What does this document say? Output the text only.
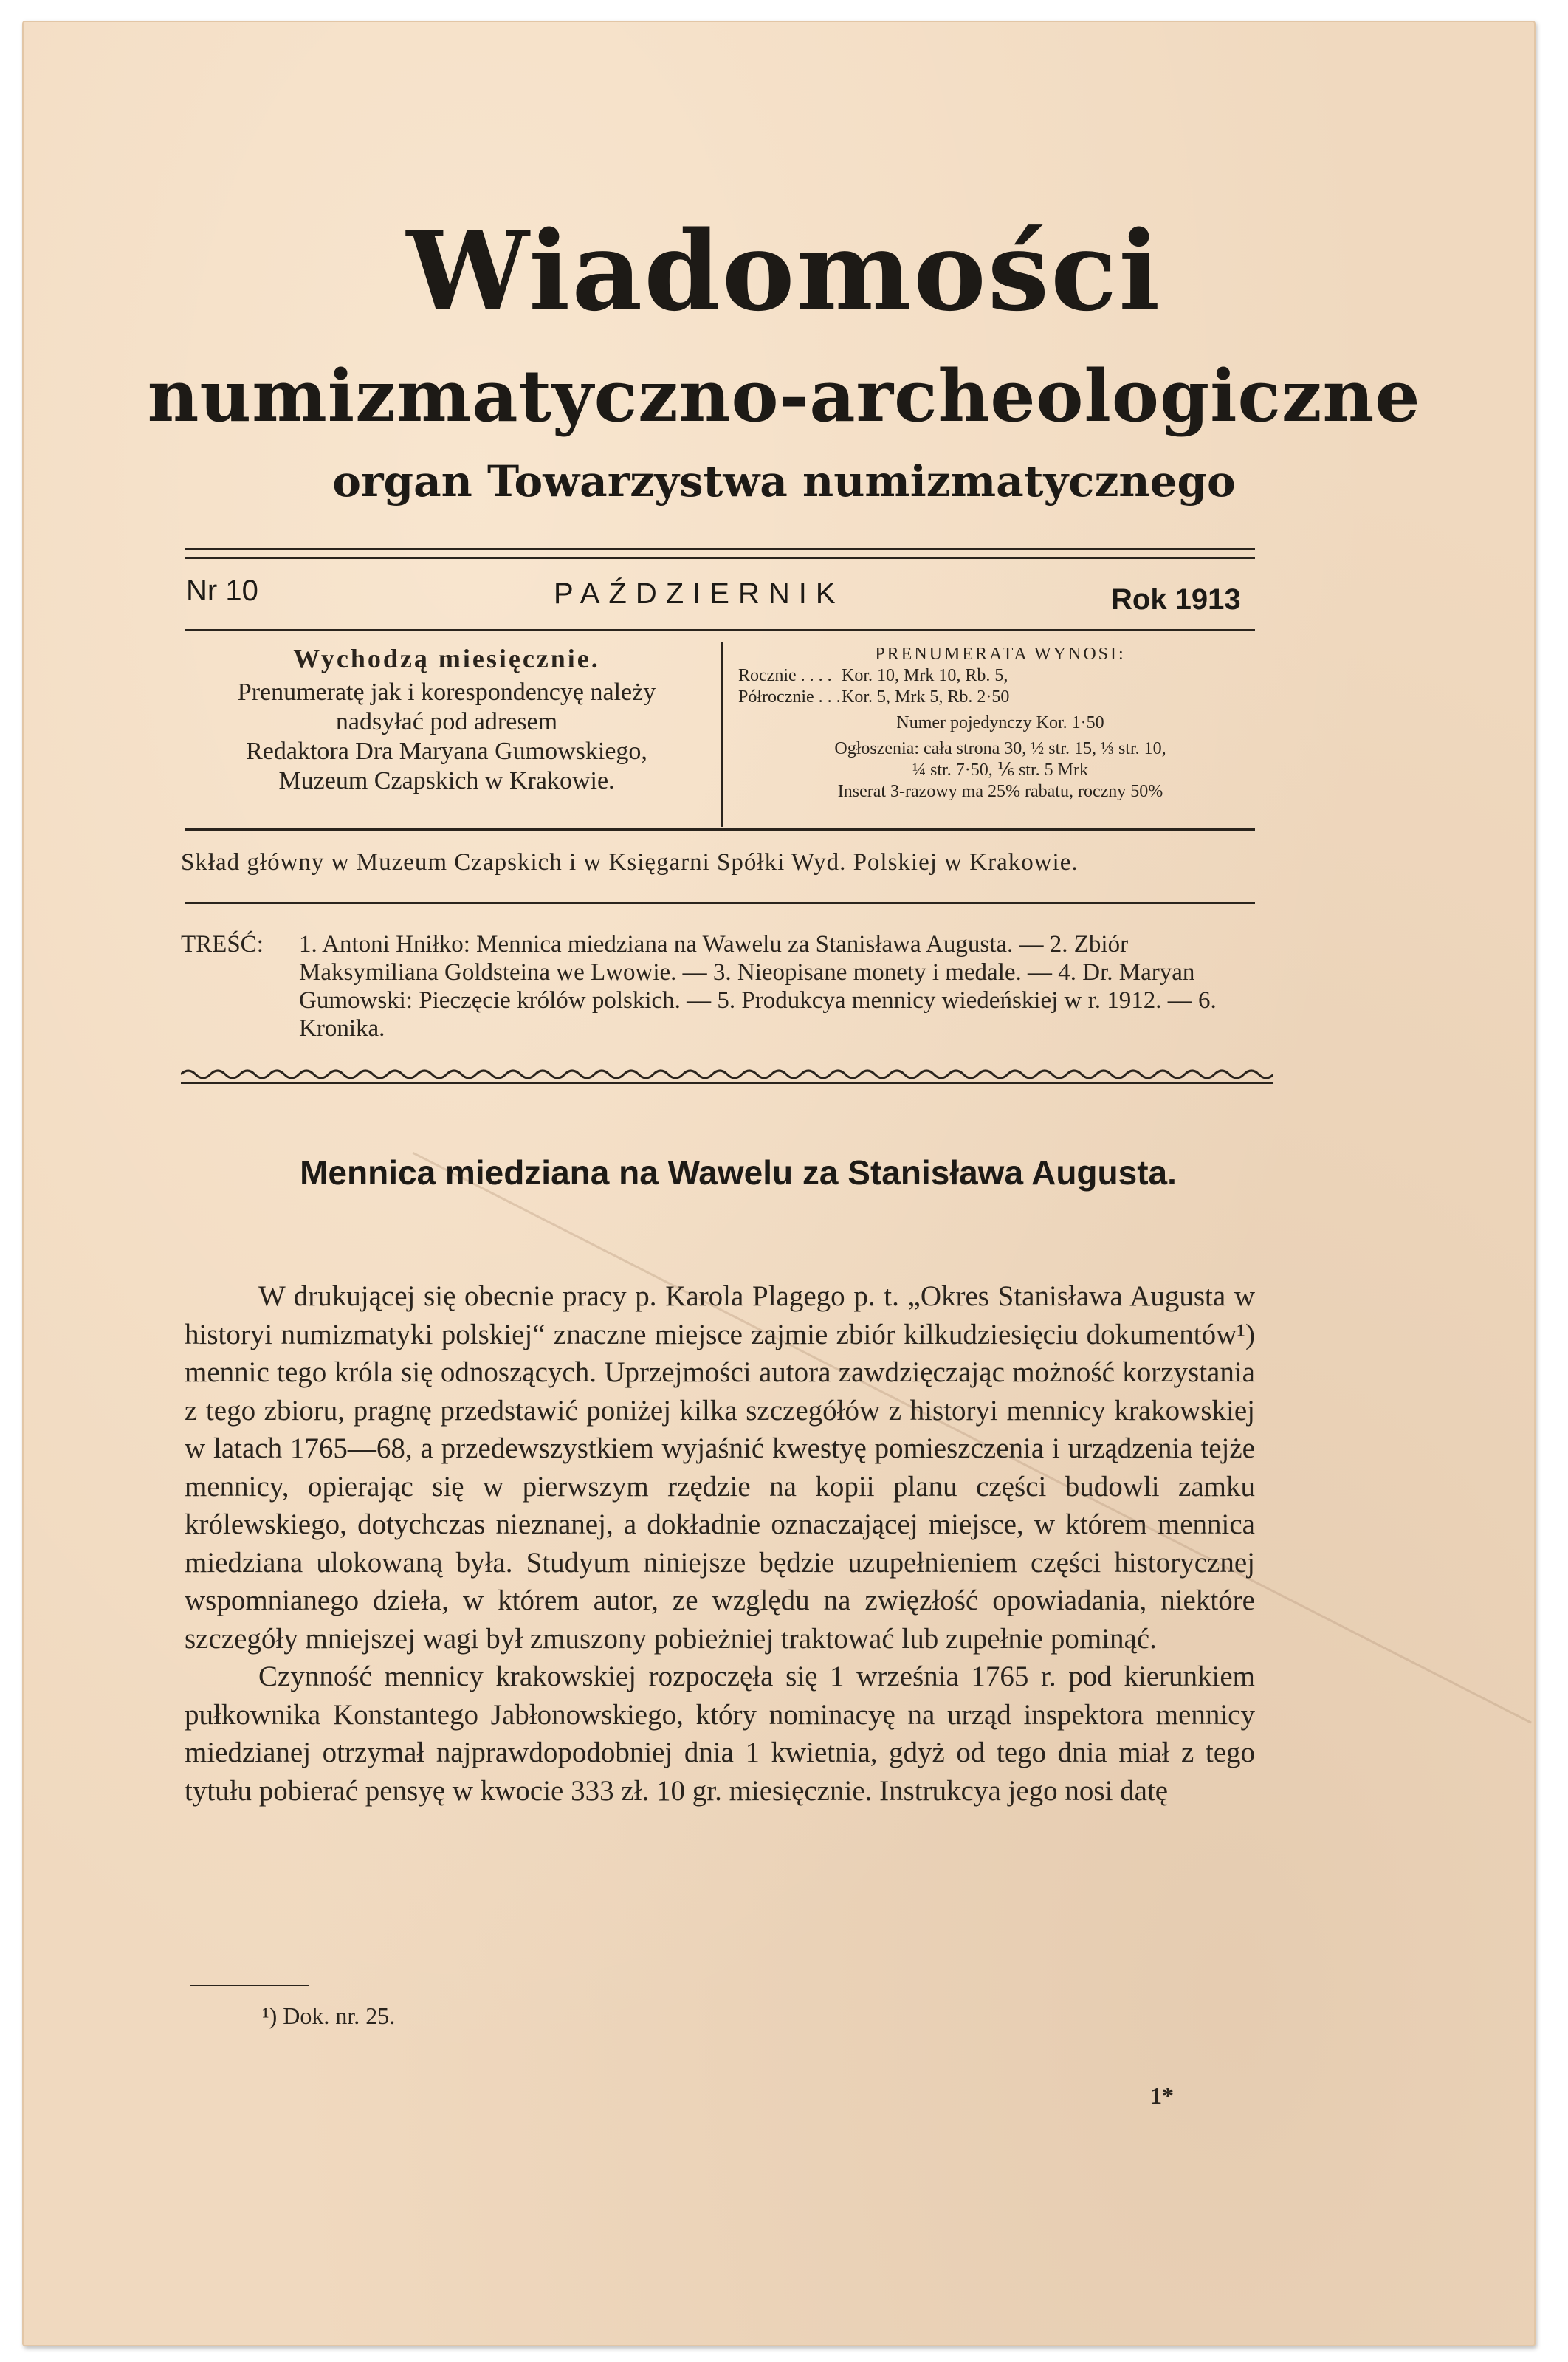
Wiadomości
numizmatyczno-archeologiczne
organ Towarzystwa numizmatycznego
Nr 10	PAŹDZIERNIK	Rok 1913
Wychodzą miesięcznie.
Prenumeratę jak i korespondencyę należy
nadsyłać pod adresem
Redaktora Dra Maryana Gumowskiego,
Muzeum Czapskich w Krakowie.
PRENUMERATA WYNOSI:
Rocznie . . . . Kor. 10, Mrk 10, Rb. 5,
Półrocznie . . . Kor. 5, Mrk 5, Rb. 2·50
Numer pojedynczy Kor. 1·50
Ogłoszenia: cała strona 30, ½ str. 15, ⅓ str. 10,
¼ str. 7·50, ⅙ str. 5 Mrk
Inserat 3-razowy ma 25% rabatu, roczny 50%
Skład główny w Muzeum Czapskich i w Księgarni Spółki Wyd. Polskiej w Krakowie.
TREŚĆ: 1. Antoni Hniłko: Mennica miedziana na Wawelu za Stanisława Augusta. — 2. Zbiór Maksymiliana Goldsteina we Lwowie. — 3. Nieopisane monety i medale. — 4. Dr. Maryan Gumowski: Pieczęcie królów polskich. — 5. Produkcya mennicy wiedeńskiej w r. 1912. — 6. Kronika.
Mennica miedziana na Wawelu za Stanisława Augusta.

W drukującej się obecnie pracy p. Karola Plagego p. t. „Okres Stanisława Augusta w historyi numizmatyki polskiej“ znaczne miejsce zajmie zbiór kilkudziesięciu dokumentów¹) mennic tego króla się odnoszących. Uprzejmości autora zawdzięczając możność korzystania z tego zbioru, pragnę przedstawić poniżej kilka szczegółów z historyi mennicy krakowskiej w latach 1765—68, a przedewszystkiem wyjaśnić kwestyę pomieszczenia i urządzenia tejże mennicy, opierając się w pierwszym rzędzie na kopii planu części budowli zamku królewskiego, dotychczas nieznanej, a dokładnie oznaczającej miejsce, w którem mennica miedziana ulokowaną była. Studyum niniejsze będzie uzupełnieniem części historycznej wspomnianego dzieła, w którem autor, ze względu na zwięzłość opowiadania, niektóre szczegóły mniejszej wagi był zmuszony pobieżniej traktować lub zupełnie pominąć.

Czynność mennicy krakowskiej rozpoczęła się 1 września 1765 r. pod kierunkiem pułkownika Konstantego Jabłonowskiego, który nominacyę na urząd inspektora mennicy miedzianej otrzymał najprawdopodobniej dnia 1 kwietnia, gdyż od tego dnia miał z tego tytułu pobierać pensyę w kwocie 333 zł. 10 gr. miesięcznie. Instrukcya jego nosi datę

¹) Dok. nr. 25.
1*
